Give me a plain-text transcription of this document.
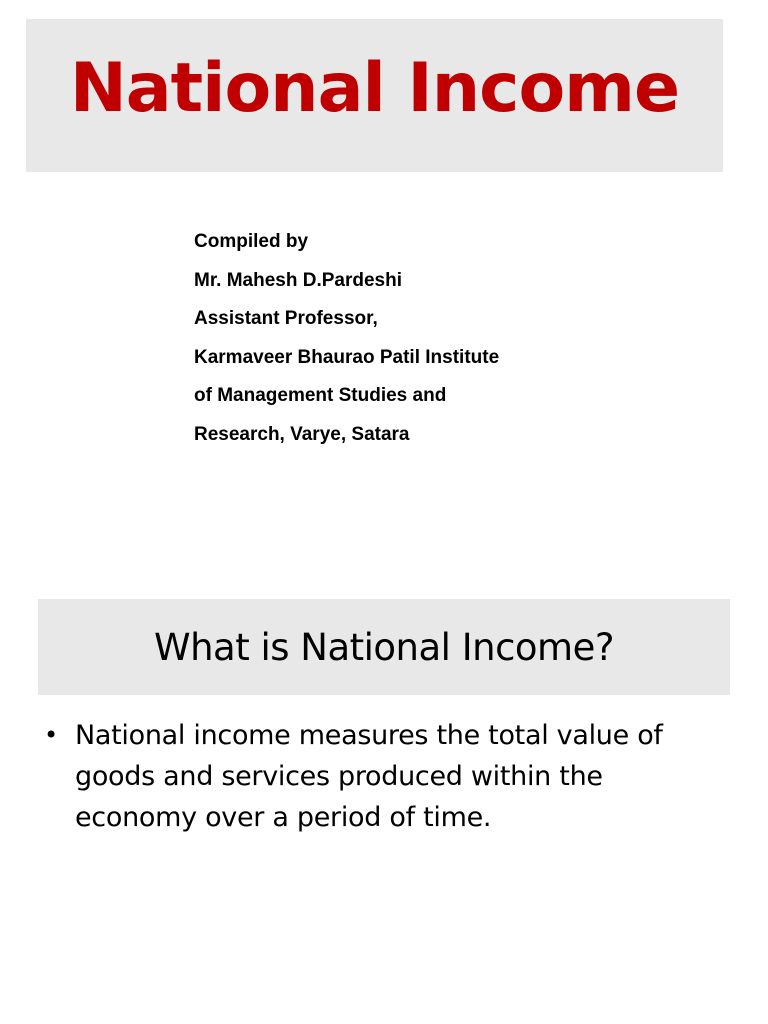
National Income
Compiled by
Mr. Mahesh D.Pardeshi
Assistant Professor,
Karmaveer Bhaurao Patil Institute
of Management Studies and
Research, Varye, Satara
What is National Income?
• National income measures the total value of goods and services produced within the economy over a period of time.
